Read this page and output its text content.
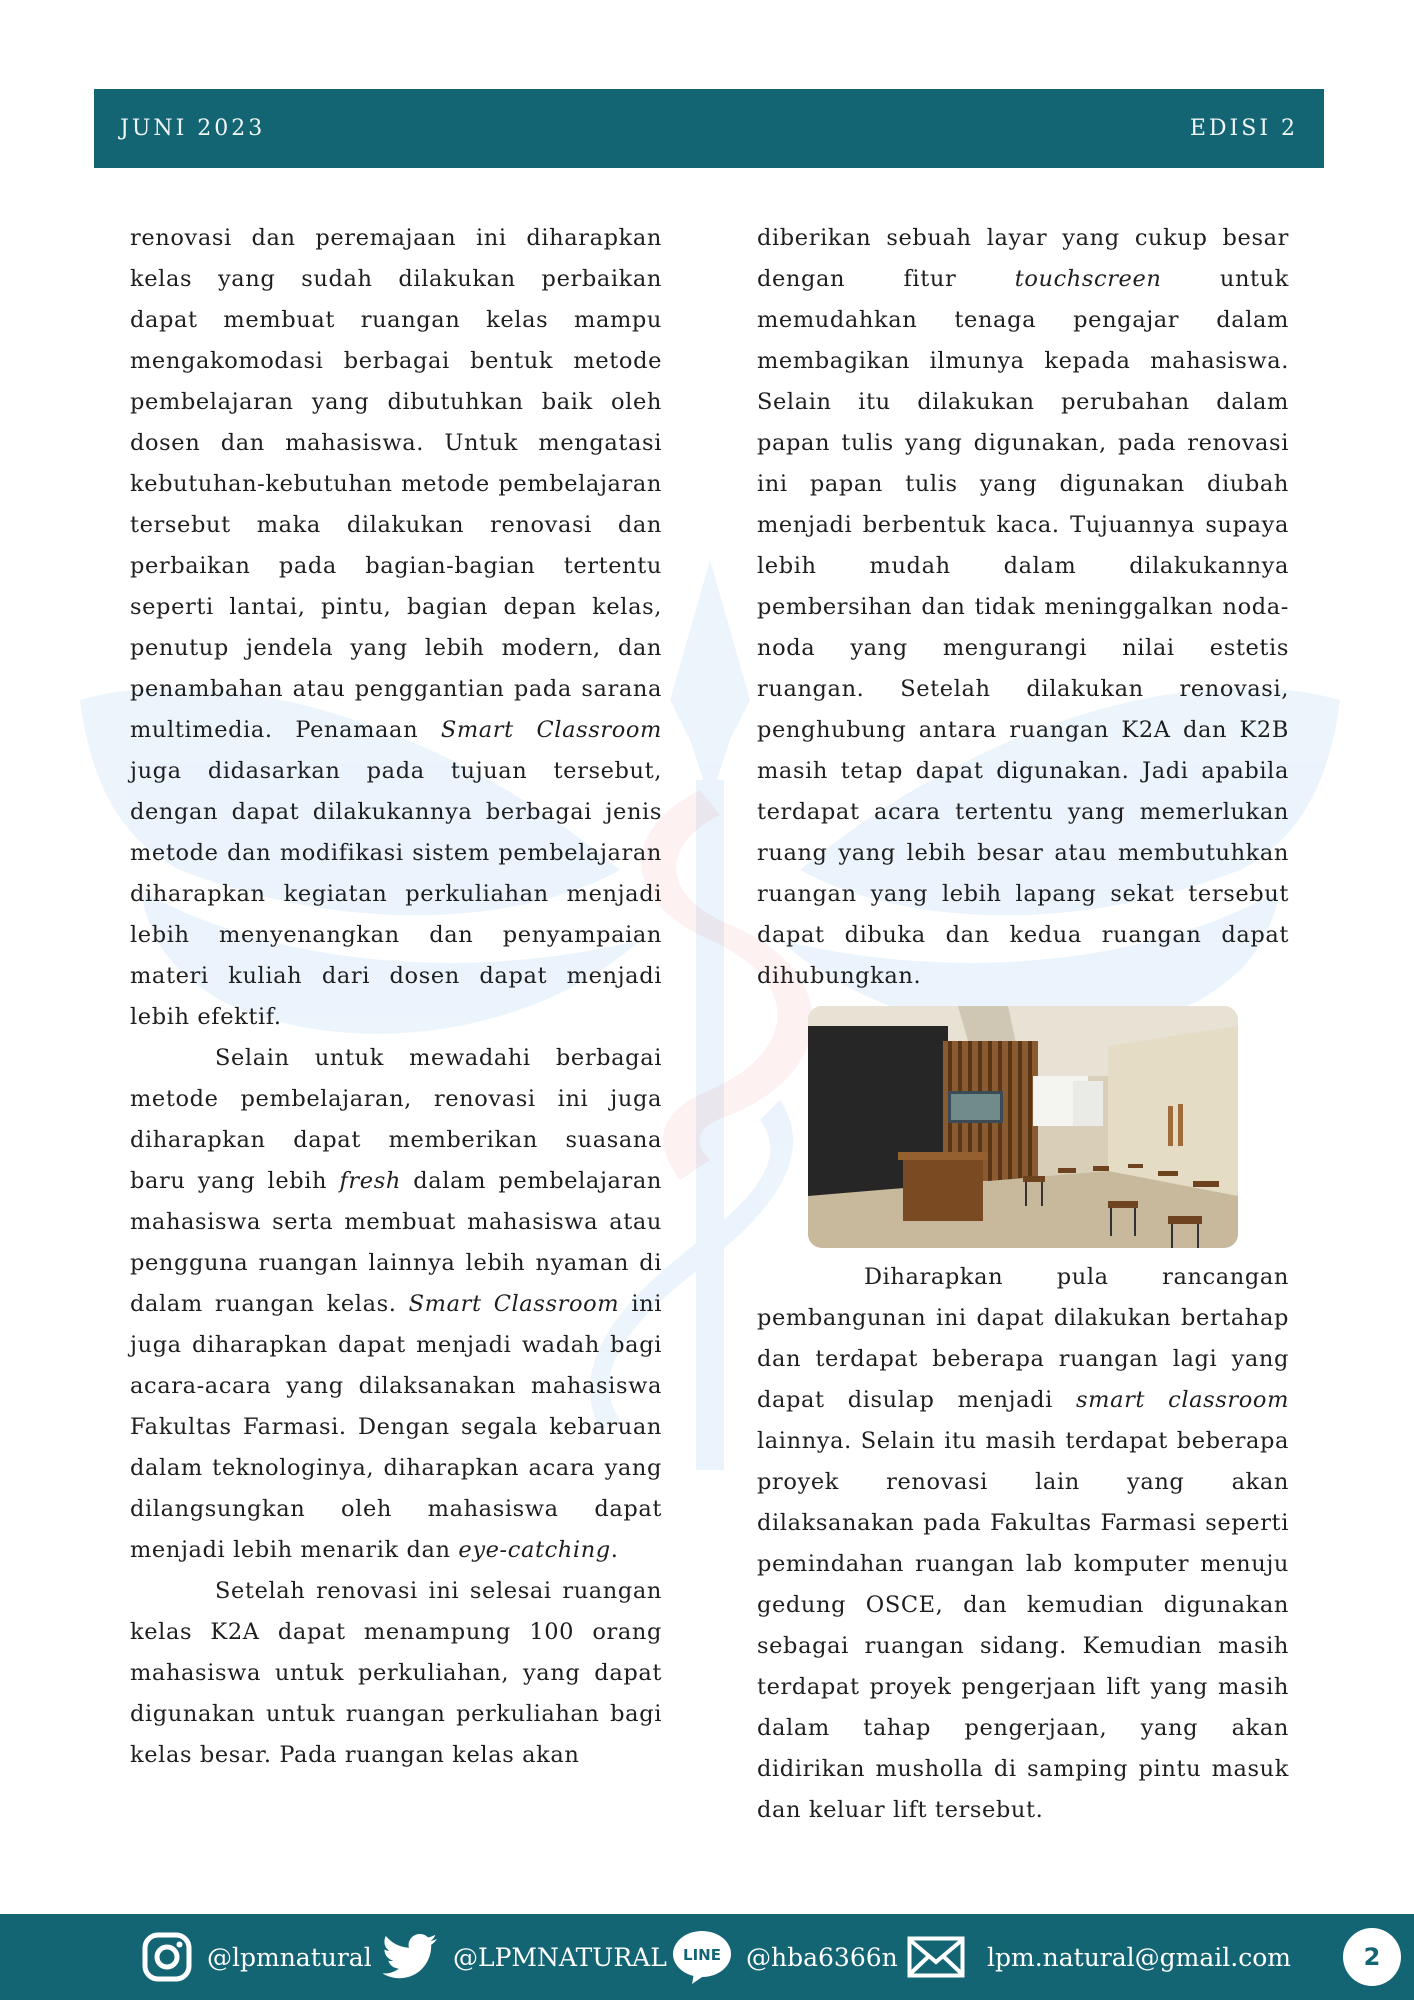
JUNI 2023	EDISI 2

renovasi dan peremajaan ini diharapkan kelas yang sudah dilakukan perbaikan dapat membuat ruangan kelas mampu mengakomodasi berbagai bentuk metode pembelajaran yang dibutuhkan baik oleh dosen dan mahasiswa. Untuk mengatasi kebutuhan-kebutuhan metode pembelajaran tersebut maka dilakukan renovasi dan perbaikan pada bagian-bagian tertentu seperti lantai, pintu, bagian depan kelas, penutup jendela yang lebih modern, dan penambahan atau penggantian pada sarana multimedia. Penamaan Smart Classroom juga didasarkan pada tujuan tersebut, dengan dapat dilakukannya berbagai jenis metode dan modifikasi sistem pembelajaran diharapkan kegiatan perkuliahan menjadi lebih menyenangkan dan penyampaian materi kuliah dari dosen dapat menjadi lebih efektif.

Selain untuk mewadahi berbagai metode pembelajaran, renovasi ini juga diharapkan dapat memberikan suasana baru yang lebih fresh dalam pembelajaran mahasiswa serta membuat mahasiswa atau pengguna ruangan lainnya lebih nyaman di dalam ruangan kelas. Smart Classroom ini juga diharapkan dapat menjadi wadah bagi acara-acara yang dilaksanakan mahasiswa Fakultas Farmasi. Dengan segala kebaruan dalam teknologinya, diharapkan acara yang dilangsungkan oleh mahasiswa dapat menjadi lebih menarik dan eye-catching.

Setelah renovasi ini selesai ruangan kelas K2A dapat menampung 100 orang mahasiswa untuk perkuliahan, yang dapat digunakan untuk ruangan perkuliahan bagi kelas besar. Pada ruangan kelas akan

diberikan sebuah layar yang cukup besar dengan fitur touchscreen untuk memudahkan tenaga pengajar dalam membagikan ilmunya kepada mahasiswa. Selain itu dilakukan perubahan dalam papan tulis yang digunakan, pada renovasi ini papan tulis yang digunakan diubah menjadi berbentuk kaca. Tujuannya supaya lebih mudah dalam dilakukannya pembersihan dan tidak meninggalkan noda-noda yang mengurangi nilai estetis ruangan. Setelah dilakukan renovasi, penghubung antara ruangan K2A dan K2B masih tetap dapat digunakan. Jadi apabila terdapat acara tertentu yang memerlukan ruang yang lebih besar atau membutuhkan ruangan yang lebih lapang sekat tersebut dapat dibuka dan kedua ruangan dapat dihubungkan.

Diharapkan pula rancangan pembangunan ini dapat dilakukan bertahap dan terdapat beberapa ruangan lagi yang dapat disulap menjadi smart classroom lainnya. Selain itu masih terdapat beberapa proyek renovasi lain yang akan dilaksanakan pada Fakultas Farmasi seperti pemindahan ruangan lab komputer menuju gedung OSCE, dan kemudian digunakan sebagai ruangan sidang. Kemudian masih terdapat proyek pengerjaan lift yang masih dalam tahap pengerjaan, yang akan didirikan musholla di samping pintu masuk dan keluar lift tersebut.

@lpmnatural	@LPMNATURAL LINE @hba6366n	lpm.natural@gmail.com	2
